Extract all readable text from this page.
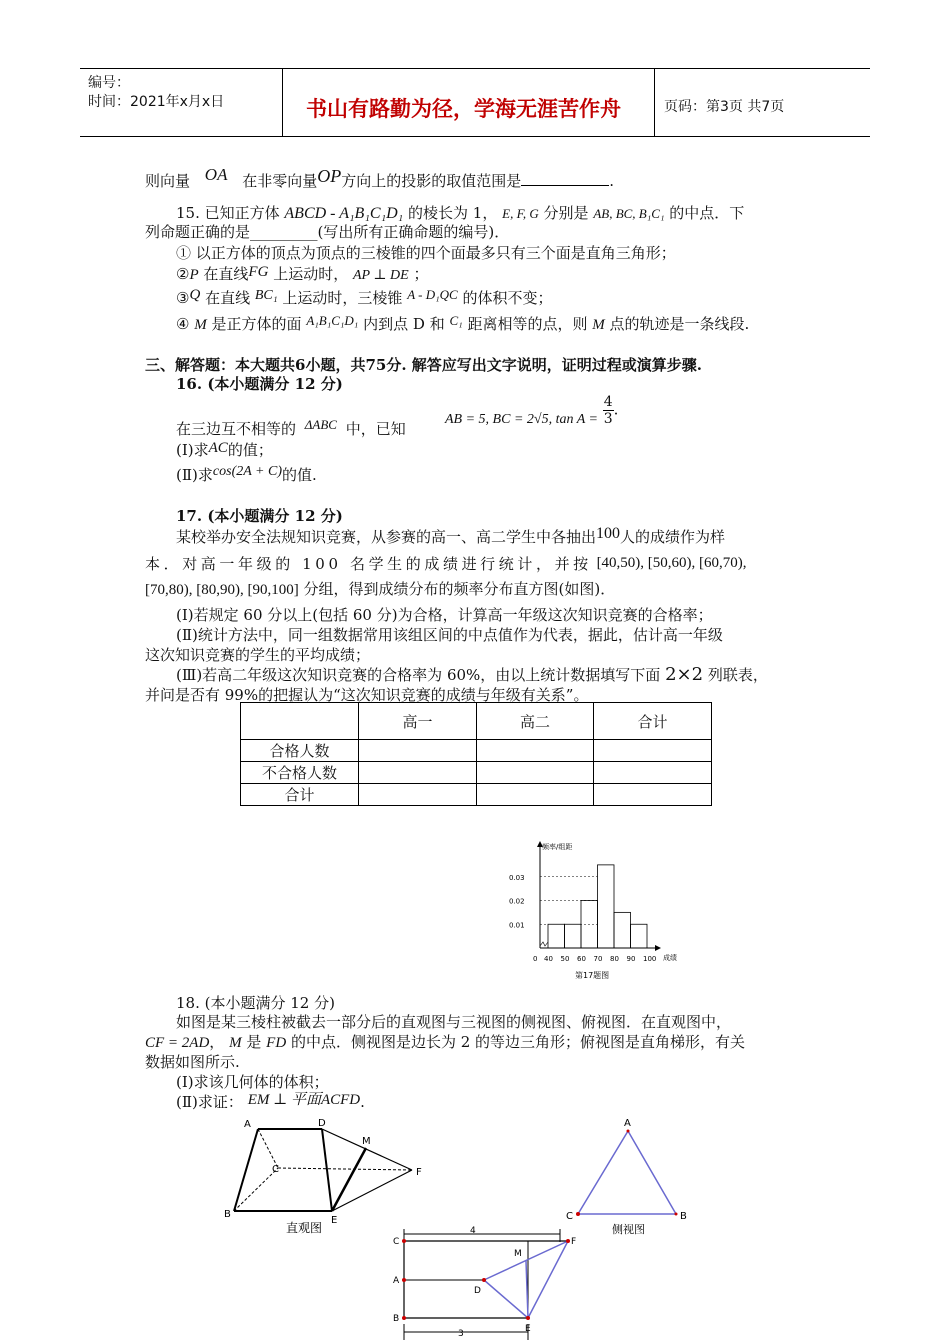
编号：
时间：2021年x月x日	书山有路勤为径，学海无涯苦作舟	页码：第3页 共7页
则向量 OA 在非零向量OP方向上的投影的取值范围是	.
15. 已知正方体 ABCD - A₁B₁C₁D₁ 的棱长为 1， E, F, G 分别是 AB, BC, B₁C₁ 的中点．下
列命题正确的是_________(写出所有正确命题的编号)．
① 以正方体的顶点为顶点的三棱锥的四个面最多只有三个面是直角三角形；
②P 在直线FG 上运动时， AP ⊥ DE ；
③Q 在直线 BC₁ 上运动时，三棱锥 A - D₁QC 的体积不变；
④ M 是正方体的面 A₁B₁C₁D₁ 内到点 D 和 C₁ 距离相等的点，则 M 点的轨迹是一条线段.
三、解答题：本大题共6小题，共75分. 解答应写出文字说明，证明过程或演算步骤.
16. (本小题满分 12 分)
AB = 5, BC = 2√5, $\tan A = \frac{4}{3}$ .
在三边互不相等的 ΔABC 中，已知
(Ⅰ)求AC的值；
(Ⅱ)求cos(2A + C)的值.
17. (本小题满分 12 分)
某校举办安全法规知识竞赛，从参赛的高一、高二学生中各抽出100人的成绩作为样
本．对高一年级的 100 名学生的成绩进行统计，并按 [40,50), [50,60), [60,70),
[70,80), [80,90), [90,100] 分组，得到成绩分布的频率分布直方图(如图)．
(Ⅰ)若规定 60 分以上(包括 60 分)为合格，计算高一年级这次知识竞赛的合格率；
(Ⅱ)统计方法中，同一组数据常用该组区间的中点值作为代表，据此，估计高一年级
这次知识竞赛的学生的平均成绩；
(Ⅲ)若高二年级这次知识竞赛的合格率为 60%，由以上统计数据填写下面 2×2 列联表，
并问是否有 99%的把握认为“这次知识竞赛的成绩与年级有关系”。
	高一	高二	合计
合格人数			
不合格人数			
合计			
频率/组距
成绩
0.01
0.02
0.03
0 40 50 60 70 80 90 100
第17题图
18. (本小题满分 12 分)
如图是某三棱柱被截去一部分后的直观图与三视图的侧视图、俯视图．在直观图中，
CF = 2AD， M 是 FD 的中点．侧视图是边长为 2 的等边三角形；俯视图是直角梯形，有关
数据如图所示.
(Ⅰ)求该几何体的体积；
(Ⅱ)求证： EM ⊥ 平面ACFD.
A
B
C
D
E
F
M
直观图
A
C	B
侧视图
C
A
B
D
M
F
E
4
3
